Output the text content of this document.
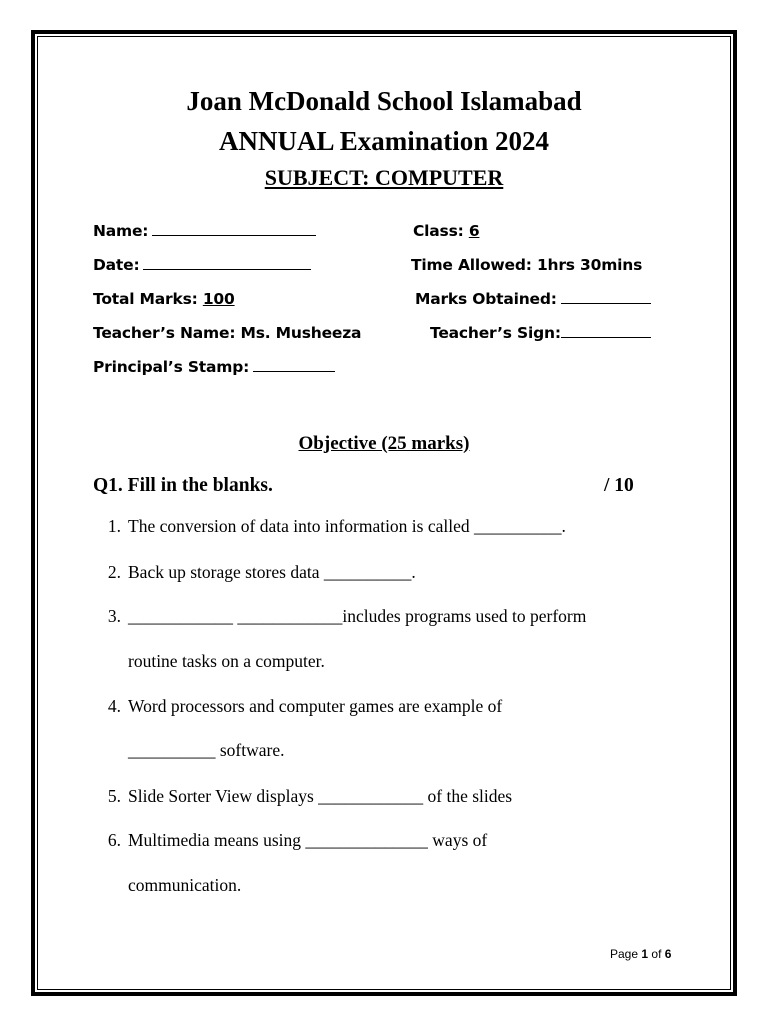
Joan McDonald School Islamabad
ANNUAL Examination 2024
SUBJECT: COMPUTER
Name:	Class: 6
Date:	Time Allowed: 1hrs 30mins
Total Marks: 100	Marks Obtained:
Teacher’s Name: Ms. Musheeza	Teacher’s Sign:
Principal’s Stamp:
Objective (25 marks)
Q1. Fill in the blanks.	/ 10
1. The conversion of data into information is called __________.
2. Back up storage stores data __________.
3. ____________ ____________includes programs used to perform
routine tasks on a computer.
4. Word processors and computer games are example of
__________ software.
5. Slide Sorter View displays ____________ of the slides
6. Multimedia means using ______________ ways of
communication.
Page 1 of 6
